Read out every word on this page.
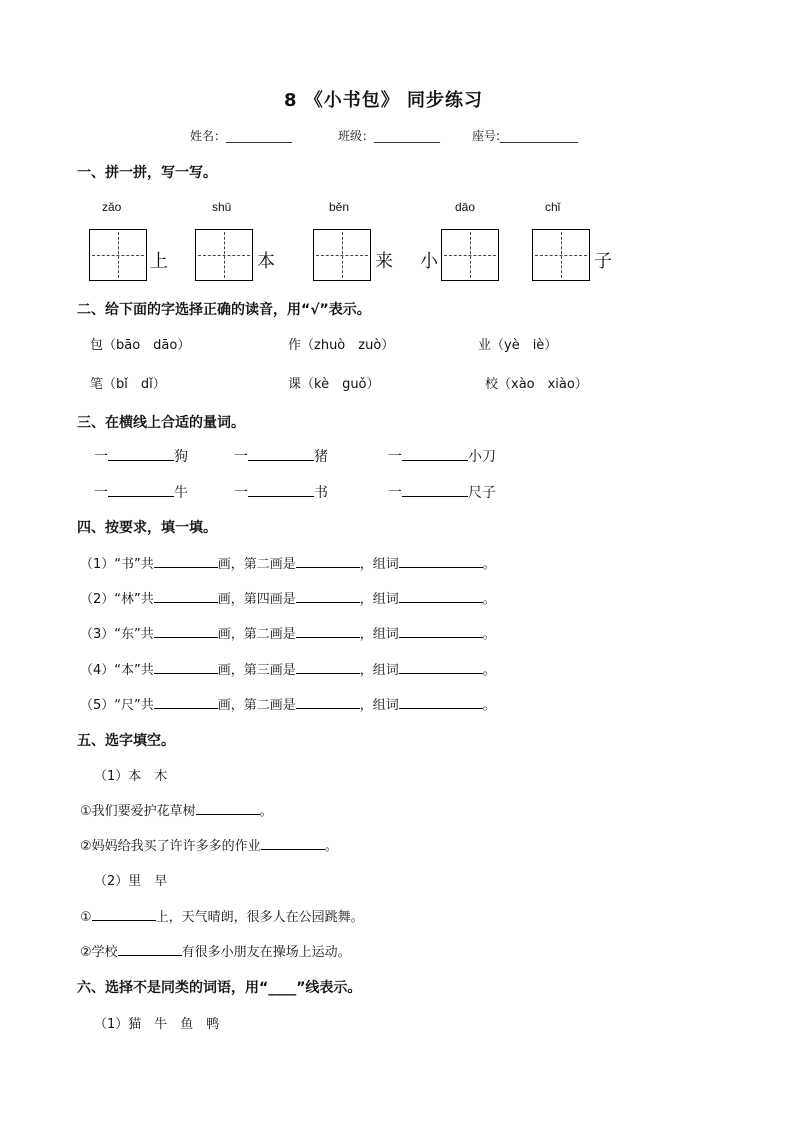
8 《小书包》 同步练习
姓名：___________	班级：___________	座号:_____________
一、拼一拼，写一写。
zǎo	shū	běn	dāo	chǐ
上	本	来 小	子
二、给下面的字选择正确的读音，用“√”表示。
包（bāo　dāo）	作（zhuò　zuò）	业（yè　iè）
笔（bǐ　dǐ）	课（kè　guǒ）	校（xào　xiào）
三、在横线上合适的量词。
一	狗	一	猪	一	小刀
一	牛	一	书	一	尺子
四、按要求，填一填。
（1）“书”共	画，第二画是	，组词	。
（2）“林”共	画，第四画是	，组词	。
（3）“东”共	画，第二画是	，组词	。
（4）“本”共	画，第三画是	，组词	。
（5）“尺”共	画，第二画是	，组词	。
五、选字填空。
（1）本　木
①我们要爱护花草树	。
②妈妈给我买了许许多多的作业	。
（2）里　早
①	上，天气晴朗，很多人在公园跳舞。
②学校	有很多小朋友在操场上运动。
六、选择不是同类的词语，用“____”线表示。
（1）猫　牛　鱼　鸭
